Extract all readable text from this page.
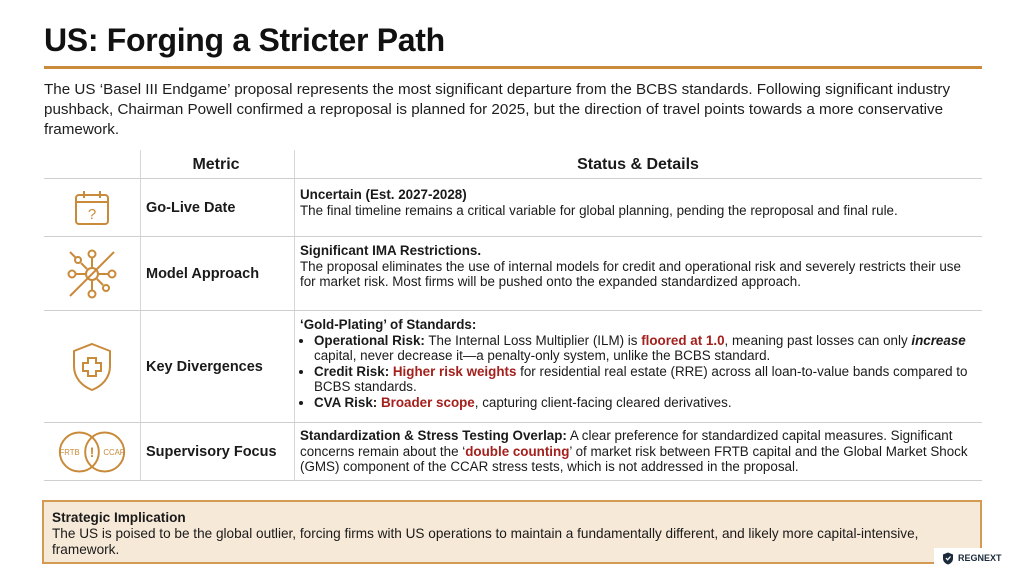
US: Forging a Stricter Path
The US ‘Basel III Endgame’ proposal represents the most significant departure from the BCBS standards. Following significant industry pushback, Chairman Powell confirmed a reproposal is planned for 2025, but the direction of travel points towards a more conservative framework.
Metric	Status & Details
?	Go-Live Date
Uncertain (Est. 2027-2028)
The final timeline remains a critical variable for global planning, pending the reproposal and final rule.
Model Approach
Significant IMA Restrictions.
The proposal eliminates the use of internal models for credit and operational risk and severely restricts their use for market risk. Most firms will be pushed onto the expanded standardized approach.
Key Divergences
‘Gold-Plating’ of Standards:
• Operational Risk: The Internal Loss Multiplier (ILM) is floored at 1.0, meaning past losses can only increase capital, never decrease it—a penalty-only system, unlike the BCBS standard.
• Credit Risk: Higher risk weights for residential real estate (RRE) across all loan-to-value bands compared to BCBS standards.
• CVA Risk: Broader scope, capturing client-facing cleared derivatives.
FRTB ! CCAR Supervisory Focus
Standardization & Stress Testing Overlap: A clear preference for standardized capital measures. Significant concerns remain about the ‘double counting’ of market risk between FRTB capital and the Global Market Shock (GMS) component of the CCAR stress tests, which is not addressed in the proposal.
Strategic Implication
The US is poised to be the global outlier, forcing firms with US operations to maintain a fundamentally different, and likely more capital-intensive, framework.
REGNEXT
